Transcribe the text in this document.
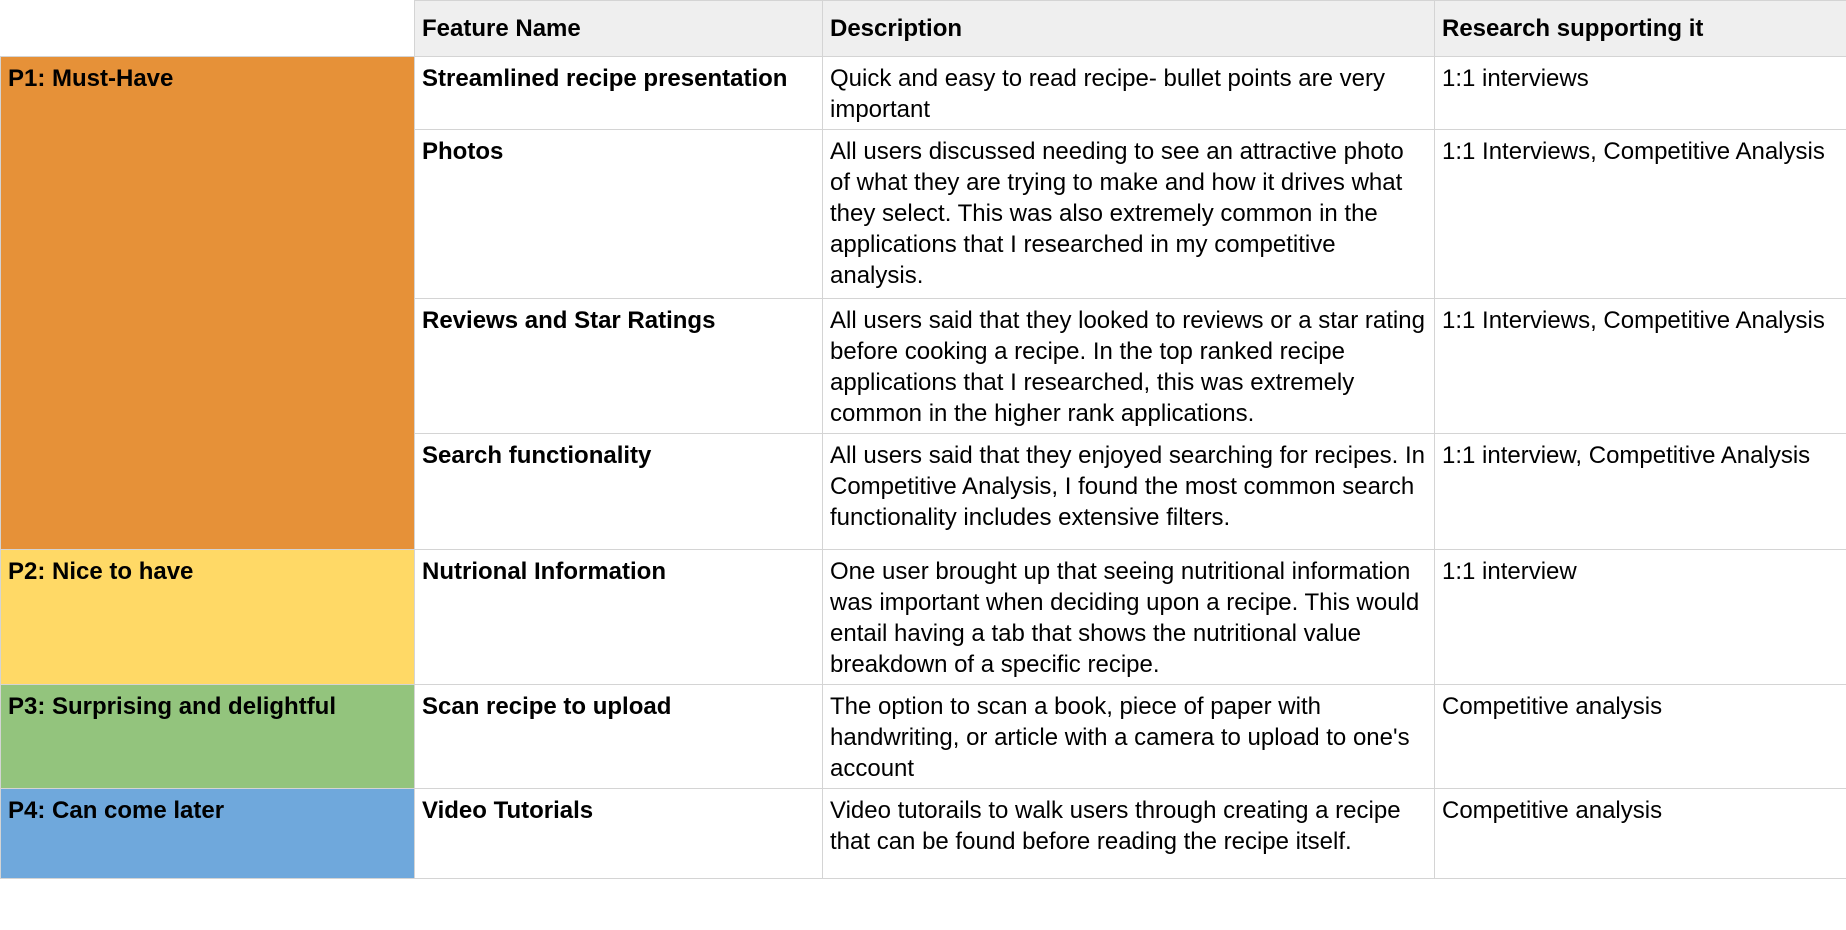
	Feature Name	Description	Research supporting it
P1: Must-Have	Streamlined recipe presentation	Quick and easy to read recipe- bullet points are very important	1:1 interviews
	Photos	All users discussed needing to see an attractive photo of what they are trying to make and how it drives what they select. This was also extremely common in the applications that I researched in my competitive analysis.	1:1 Interviews, Competitive Analysis
	Reviews and Star Ratings	All users said that they looked to reviews or a star rating before cooking a recipe. In the top ranked recipe applications that I researched, this was extremely common in the higher rank applications.	1:1 Interviews, Competitive Analysis
	Search functionality	All users said that they enjoyed searching for recipes. In Competitive Analysis, I found the most common search functionality includes extensive filters.	1:1 interview, Competitive Analysis
P2: Nice to have	Nutrional Information	One user brought up that seeing nutritional information was important when deciding upon a recipe. This would entail having a tab that shows the nutritional value breakdown of a specific recipe.	1:1 interview
P3: Surprising and delightful	Scan recipe to upload	The option to scan a book, piece of paper with handwriting, or article with a camera to upload to one's account	Competitive analysis
P4: Can come later	Video Tutorials	Video tutorails to walk users through creating a recipe that can be found before reading the recipe itself.	Competitive analysis
